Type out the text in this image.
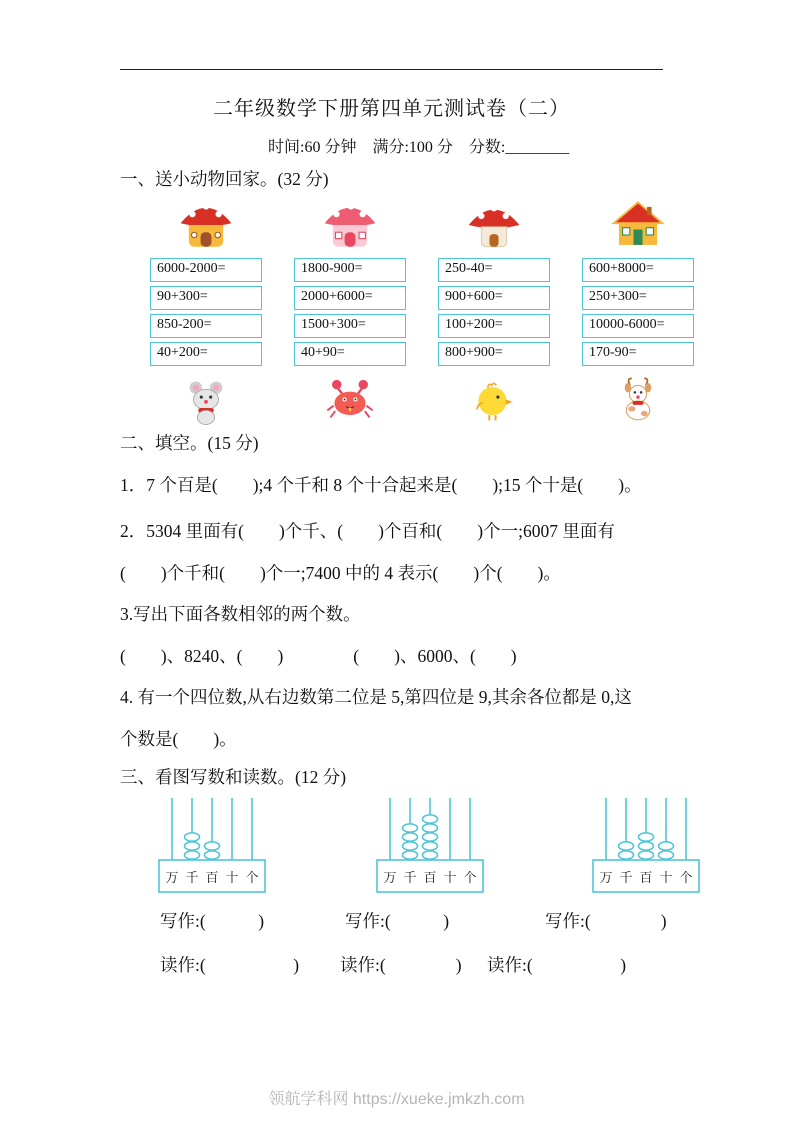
二年级数学下册第四单元测试卷（二）
时间:60 分钟　满分:100 分　分数:________
一、送小动物回家。(32 分)
6000-2000=
90+300=
850-200=
40+200=
1800-900=
2000+6000=
1500+300=
40+90=
250-40=
900+600=
100+200=
800+900=
600+8000=
250+300=
10000-6000=
170-90=
二、填空。(15 分)
1．7 个百是(　　);4 个千和 8 个十合起来是(　　);15 个十是(　　)。
2．5304 里面有(　　)个千、(　　)个百和(　　)个一;6007 里面有
(　　)个千和(　　)个一;7400 中的 4 表示(　　)个(　　)。
3.写出下面各数相邻的两个数。
(　　)、8240、(　　)　　　　(　　)、6000、(　　)
4. 有一个四位数,从右边数第二位是 5,第四位是 9,其余各位都是 0,这
个数是(　　)。
三、看图写数和读数。(12 分)
万 千 百 十 个	万 千 百 十 个	万 千 百 十 个
写作:(　　　)	写作:(　　　)	写作:(　　　　)
读作:(　　　　　) 读作:(　　　　) 读作:(　　　　　)
领航学科网 https://xueke.jmkzh.com
